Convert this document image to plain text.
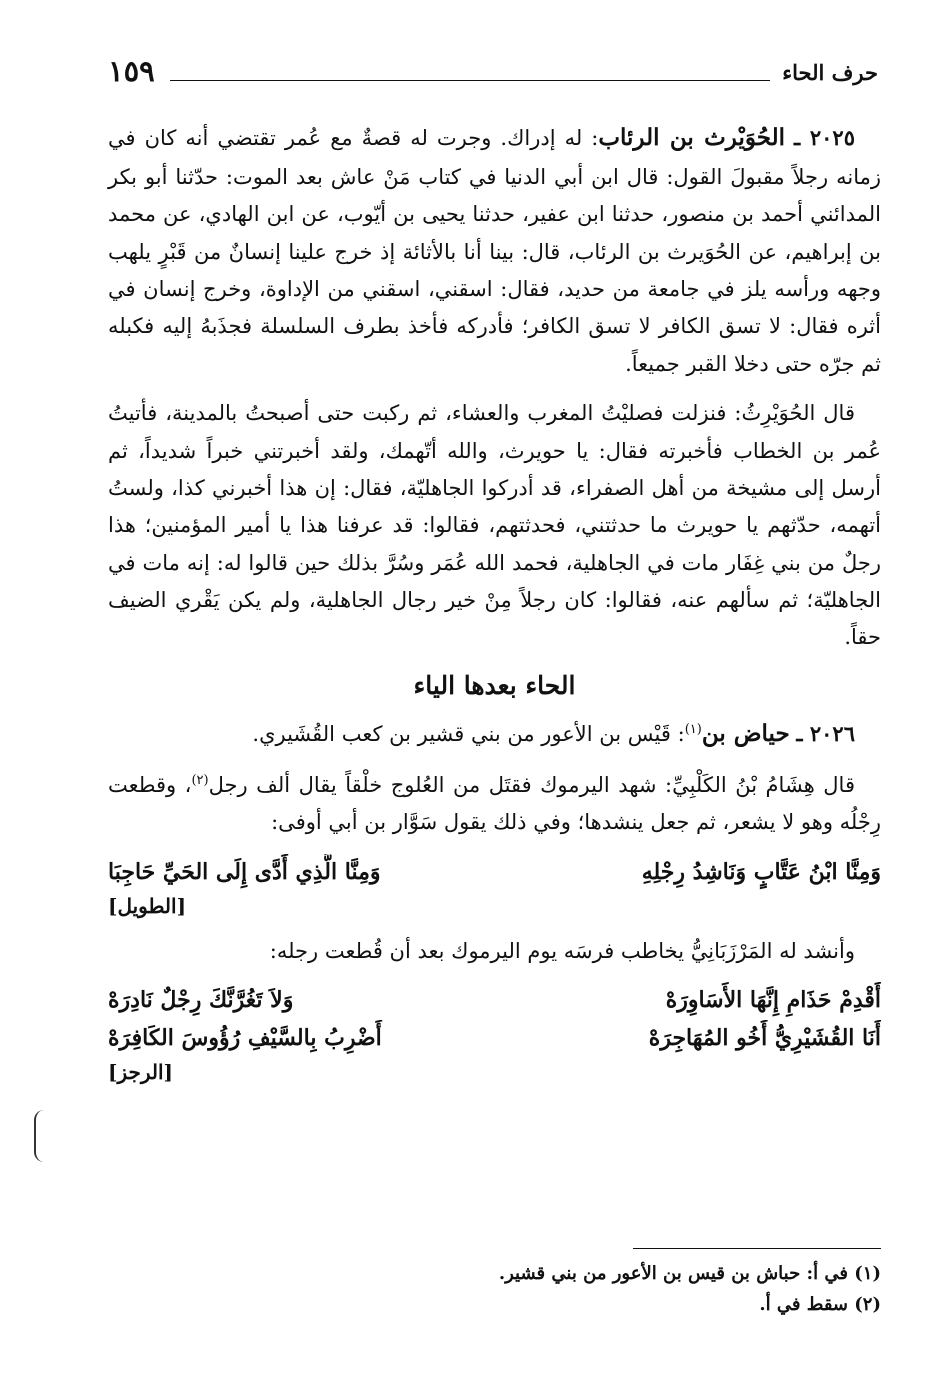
حرف الحاء
١٥٩

٢٠٢٥ ـ الحُوَيْرث بن الرئاب: له إدراك. وجرت له قصةٌ مع عُمر تقتضي أنه كان في زمانه رجلاً مقبولَ القول: قال ابن أبي الدنيا في كتاب مَنْ عاش بعد الموت: حدّثنا أبو بكر المدائني أحمد بن منصور، حدثنا ابن عفير، حدثنا يحيى بن أيّوب، عن ابن الهادي، عن محمد بن إبراهيم، عن الحُوَيرث بن الرئاب، قال: بينا أنا بالأثائة إذ خرج علينا إنسانٌ من قَبْرٍ يلهب وجهه ورأسه يلز في جامعة من حديد، فقال: اسقني، اسقني من الإداوة، وخرج إنسان في أثره فقال: لا تسق الكافر لا تسق الكافر؛ فأدركه فأخذ بطرف السلسلة فجذَبهُ إليه فكبله ثم جرّه حتى دخلا القبر جميعاً.

قال الحُوَيْرِثُ: فنزلت فصليْتُ المغرب والعشاء، ثم ركبت حتى أصبحتُ بالمدينة، فأتيتُ عُمر بن الخطاب فأخبرته فقال: يا حويرث، والله أتّهمك، ولقد أخبرتني خبراً شديداً، ثم أرسل إلى مشيخة من أهل الصفراء، قد أدركوا الجاهليّة، فقال: إن هذا أخبرني كذا، ولستُ أتهمه، حدّثهم يا حويرث ما حدثتني، فحدثتهم، فقالوا: قد عرفنا هذا يا أمير المؤمنين؛ هذا رجلٌ من بني غِفَار مات في الجاهلية، فحمد الله عُمَر وسُرَّ بذلك حين قالوا له: إنه مات في الجاهليّة؛ ثم سألهم عنه، فقالوا: كان رجلاً مِنْ خير رجال الجاهلية، ولم يكن يَقْري الضيف حقاً.

الحاء بعدها الياء

٢٠٢٦ ـ حياض بن$^{(١)}$: قَيْس بن الأعور من بني قشير بن كعب القُشَيري.

قال هِشَامُ بْنُ الكَلْبِيِّ: شهد اليرموك فقتَل من العُلوج خلْقاً يقال ألف رجل$^{(٢)}$، وقطعت رِجْلُه وهو لا يشعر، ثم جعل ينشدها؛ وفي ذلك يقول سَوَّار بن أبي أوفى:

وَمِنَّا ابْنُ عَتَّابٍ وَنَاشِدُ رِجْلِهِ
وَمِنَّا الَّذِي أَدَّى إِلَى الحَيِّ حَاجِبَا
[الطويل]

وأنشد له المَرْزَبَانِيُّ يخاطب فرسَه يوم اليرموك بعد أن قُطعت رجله:

أَقْدِمْ حَذَامِ إِنَّهَا الأَسَاوِرَهْ
وَلاَ تَغُرَّنَّكَ رِجْلٌ نَادِرَهْ
أَنَا القُشَيْرِيُّ أَخُو المُهَاجِرَهْ
أَضْرِبُ بِالسَّيْفِ رُؤُوسَ الكَافِرَهْ
[الرجز]
(١) في أ: حباش بن قيس بن الأعور من بني قشير.
(٢) سقط في أ.
